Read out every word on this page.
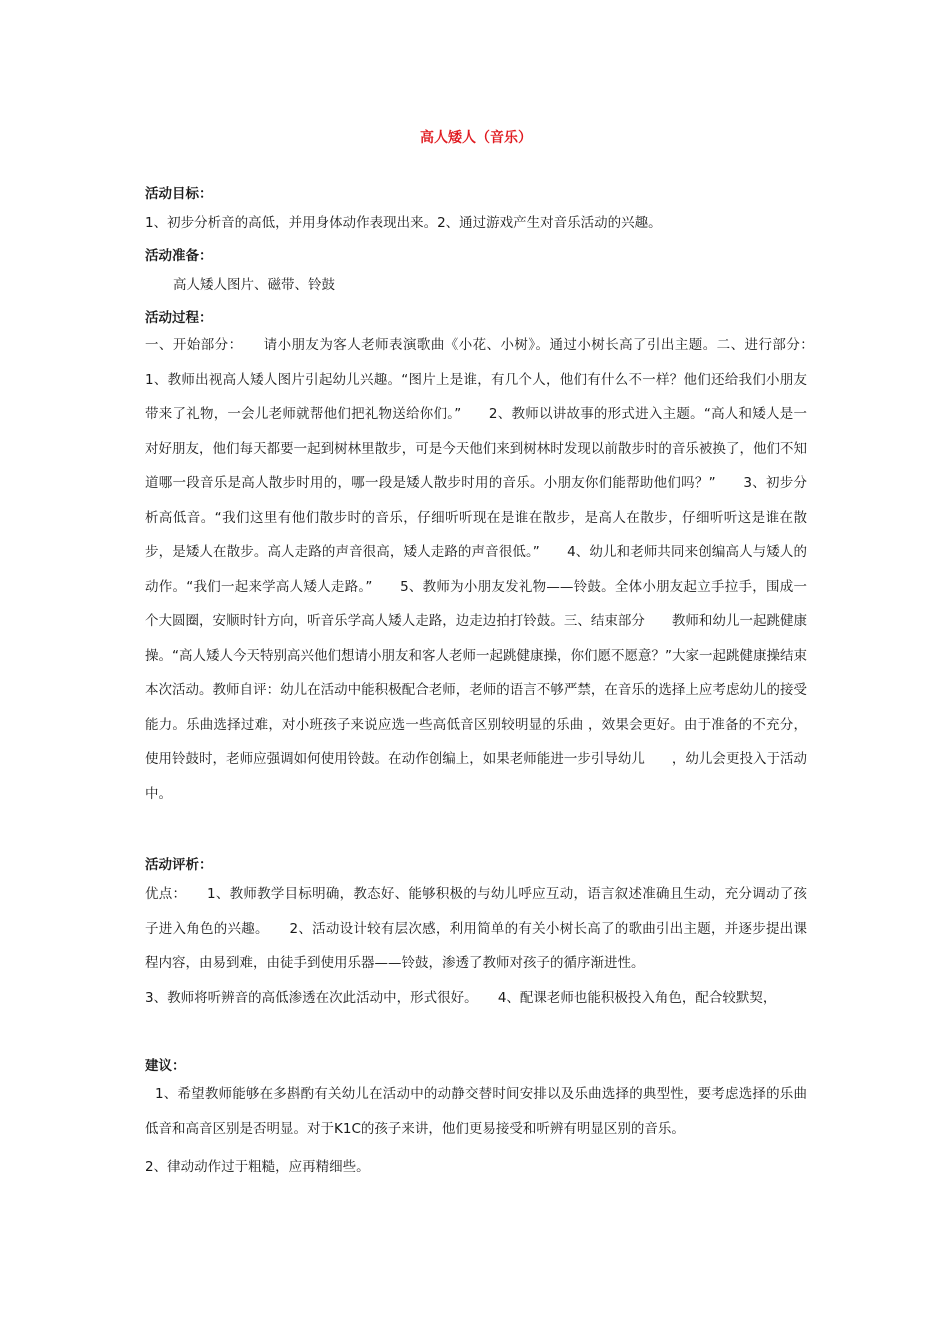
高人矮人（音乐）
活动目标：
1、初步分析音的高低，并用身体动作表现出来。2、通过游戏产生对音乐活动的兴趣。
活动准备：
高人矮人图片、磁带、铃鼓
活动过程：
一、开始部分：　　请小朋友为客人老师表演歌曲《小花、小树》。通过小树长高了引出主题。二、进行部分：　　1、教师出视高人矮人图片引起幼儿兴趣。“图片上是谁，有几个人，他们有什么不一样？他们还给我们小朋友带来了礼物，一会儿老师就帮他们把礼物送给你们。”　　2、教师以讲故事的形式进入主题。“高人和矮人是一对好朋友，他们每天都要一起到树林里散步，可是今天他们来到树林时发现以前散步时的音乐被换了，他们不知道哪一段音乐是高人散步时用的，哪一段是矮人散步时用的音乐。小朋友你们能帮助他们吗？”　　3、初步分析高低音。“我们这里有他们散步时的音乐，仔细听听现在是谁在散步，是高人在散步，仔细听听这是谁在散步，是矮人在散步。高人走路的声音很高，矮人走路的声音很低。”　　4、幼儿和老师共同来创编高人与矮人的动作。“我们一起来学高人矮人走路。”　　5、教师为小朋友发礼物——铃鼓。全体小朋友起立手拉手，围成一个大圆圈，安顺时针方向，听音乐学高人矮人走路，边走边拍打铃鼓。三、结束部分　　教师和幼儿一起跳健康操。“高人矮人今天特别高兴他们想请小朋友和客人老师一起跳健康操，你们愿不愿意？”大家一起跳健康操结束本次活动。教师自评：幼儿在活动中能积极配合老师，老师的语言不够严禁，在音乐的选择上应考虑幼儿的接受能力。乐曲选择过难，对小班孩子来说应选一些高低音区别较明显的乐曲 ，效果会更好。由于准备的不充分，使用铃鼓时，老师应强调如何使用铃鼓。在动作创编上，如果老师能进一步引导幼儿　　，幼儿会更投入于活动中。
活动评析：
优点：　　1、教师教学目标明确，教态好、能够积极的与幼儿呼应互动，语言叙述准确且生动，充分调动了孩子进入角色的兴趣。　　2、活动设计较有层次感，利用简单的有关小树长高了的歌曲引出主题，并逐步提出课程内容，由易到难，由徒手到使用乐器——铃鼓，渗透了教师对孩子的循序渐进性。
3、教师将听辨音的高低渗透在次此活动中，形式很好。　　4、配课老师也能积极投入角色，配合较默契，
建议：
1、希望教师能够在多斟酌有关幼儿在活动中的动静交替时间安排以及乐曲选择的典型性，要考虑选择的乐曲低音和高音区别是否明显。对于K1C的孩子来讲，他们更易接受和听辨有明显区别的音乐。
2、律动动作过于粗糙，应再精细些。
